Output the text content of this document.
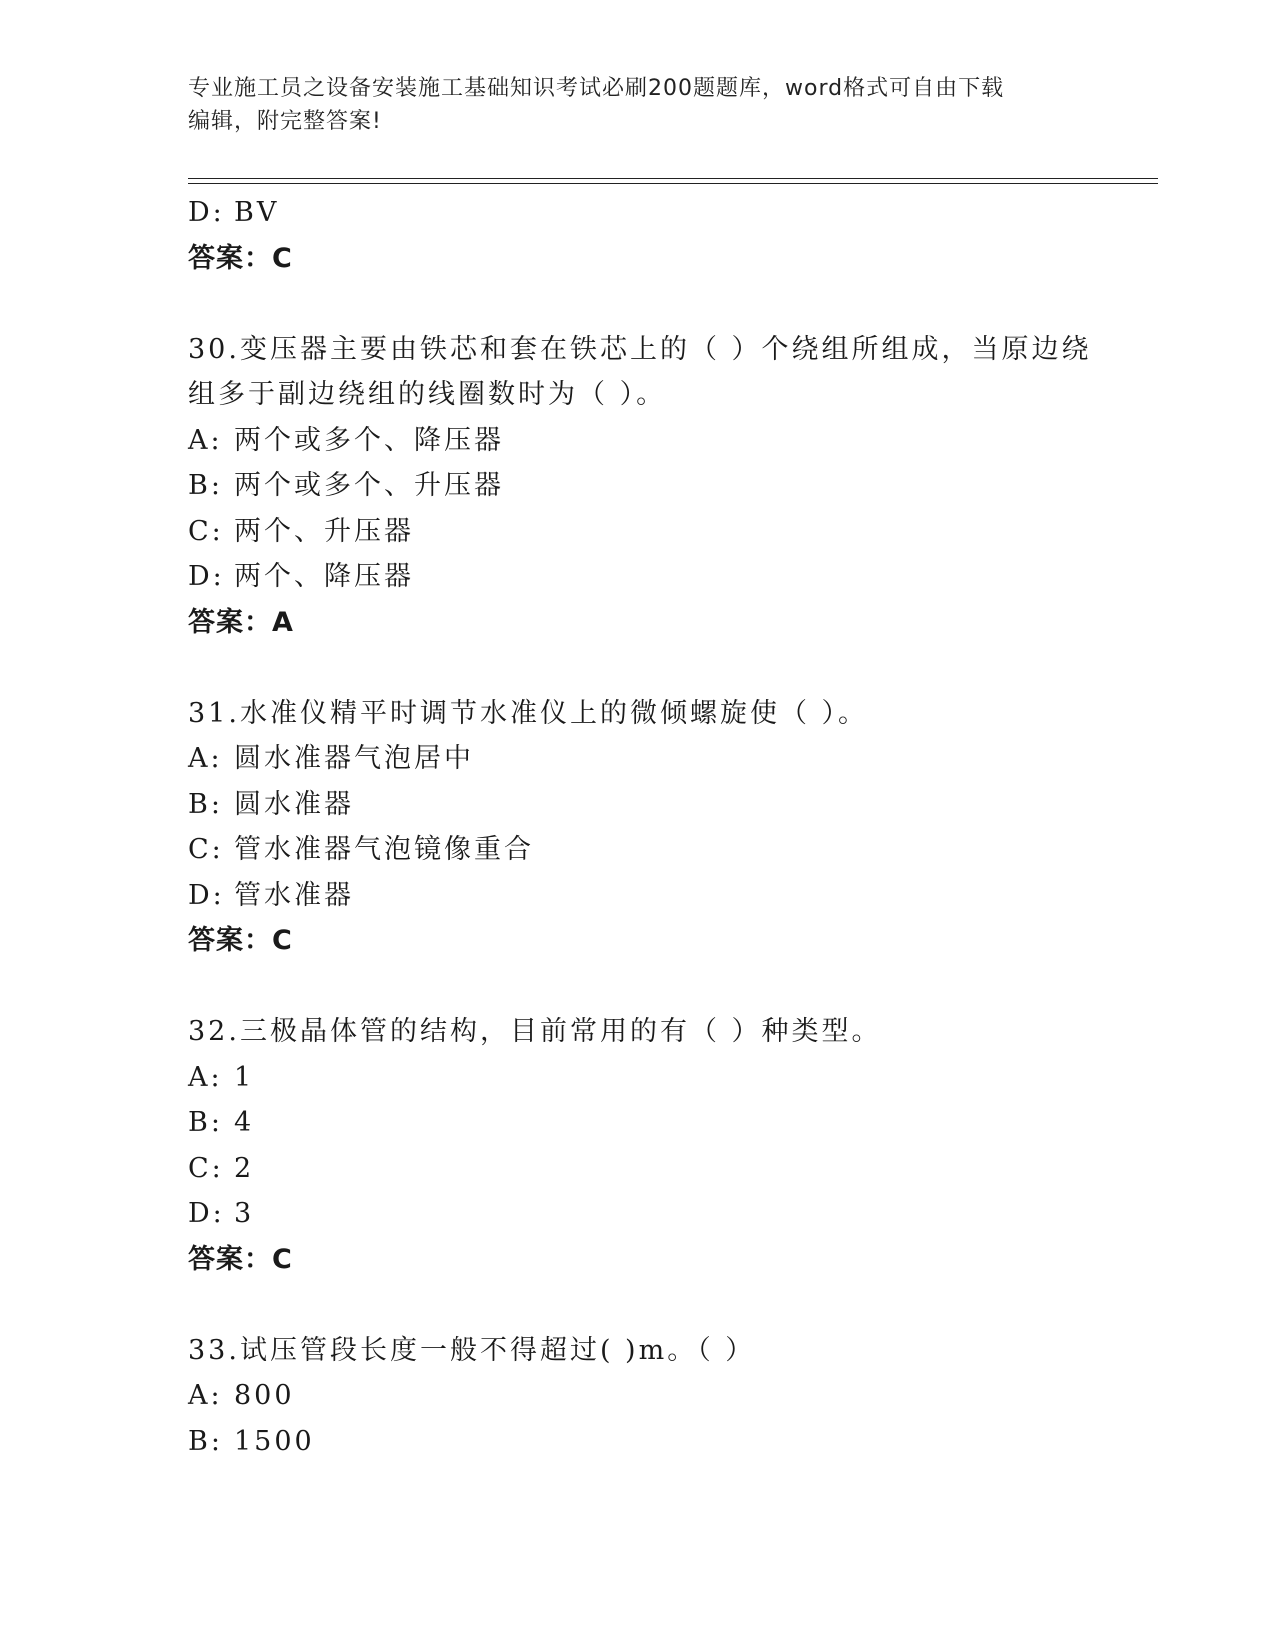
专业施工员之设备安装施工基础知识考试必刷200题题库，word格式可自由下载
编辑，附完整答案!
D: BV
答案：C
30.变压器主要由铁芯和套在铁芯上的（ ）个绕组所组成，当原边绕
组多于副边绕组的线圈数时为（ ）。
A: 两个或多个、降压器
B: 两个或多个、升压器
C: 两个、升压器
D: 两个、降压器
答案：A
31.水准仪精平时调节水准仪上的微倾螺旋使（ ）。
A: 圆水准器气泡居中
B: 圆水准器
C: 管水准器气泡镜像重合
D: 管水准器
答案：C
32.三极晶体管的结构，目前常用的有（ ）种类型。
A: 1
B: 4
C: 2
D: 3
答案：C
33.试压管段长度一般不得超过( )m。（ ）
A: 800
B: 1500
